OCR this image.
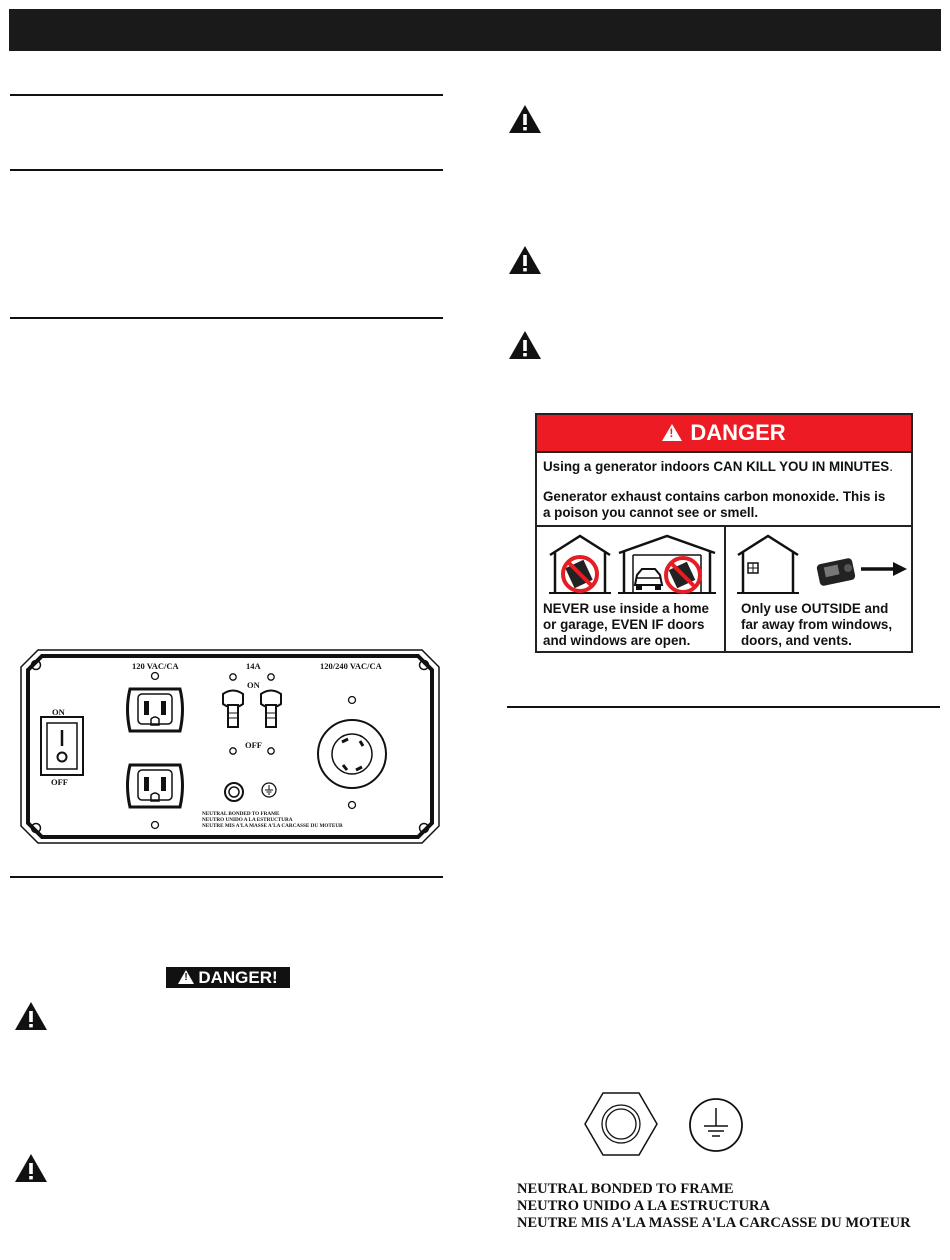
!DANGER
Using a generator indoors CAN KILL YOU IN MINUTES.
Generator exhaust contains carbon monoxide. This is
a poison you cannot see or smell.
NEVER use inside a home
or garage, EVEN IF doors
and windows are open.
Only use OUTSIDE and
far away from windows,
doors, and vents.
120 VAC/CA	14A
ON
OFF
120/240 VAC/CA
ON
OFF
NEUTRAL BONDED TO FRAME
NEUTRO UNIDO A LA ESTRUCTURA
NEUTRE MIS A'LA MASSE A'LA CARCASSE DU MOTEUR
!DANGER!
NEUTRAL BONDED TO FRAME
NEUTRO UNIDO A LA ESTRUCTURA
NEUTRE MIS A'LA MASSE A'LA CARCASSE DU MOTEUR
